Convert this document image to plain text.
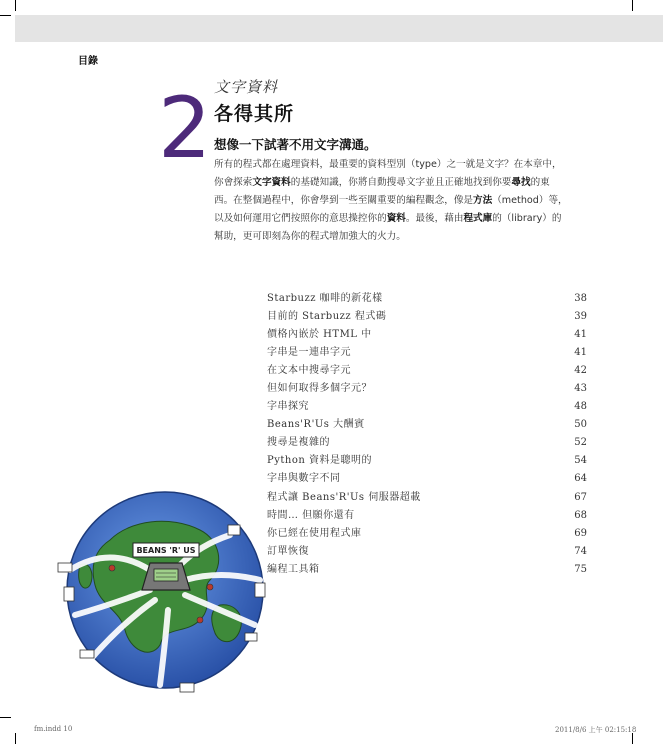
目錄
2 文字資料
各得其所
想像一下試著不用文字溝通。
所有的程式都在處理資料，最重要的資料型別（type）之一就是文字？在本章中，
你會探索文字資料的基礎知識，你將自動搜尋文字並且正確地找到你要尋找的東
西。在整個過程中，你會學到一些至關重要的編程觀念，像是方法（method）等，
以及如何運用它們按照你的意思操控你的資料。最後，藉由程式庫的（library）的
幫助，更可即刻為你的程式增加強大的火力。
Starbuzz 咖啡的新花樣	38
目前的 Starbuzz 程式碼	39
價格內嵌於 HTML 中	41
字串是一連串字元	41
在文本中搜尋字元	42
但如何取得多個字元？	43
字串探究	48
Beans'R'Us 大酬賓	50
搜尋是複雜的	52
Python 資料是聰明的	54
字串與數字不同	64
程式讓 Beans'R'Us 伺服器超載	67
時間… 但願你還有	68
你已經在使用程式庫	69
訂單恢復	74
編程工具箱	75
BEANS 'R' US
fm.indd 10	2011/8/6 上午 02:15:18
